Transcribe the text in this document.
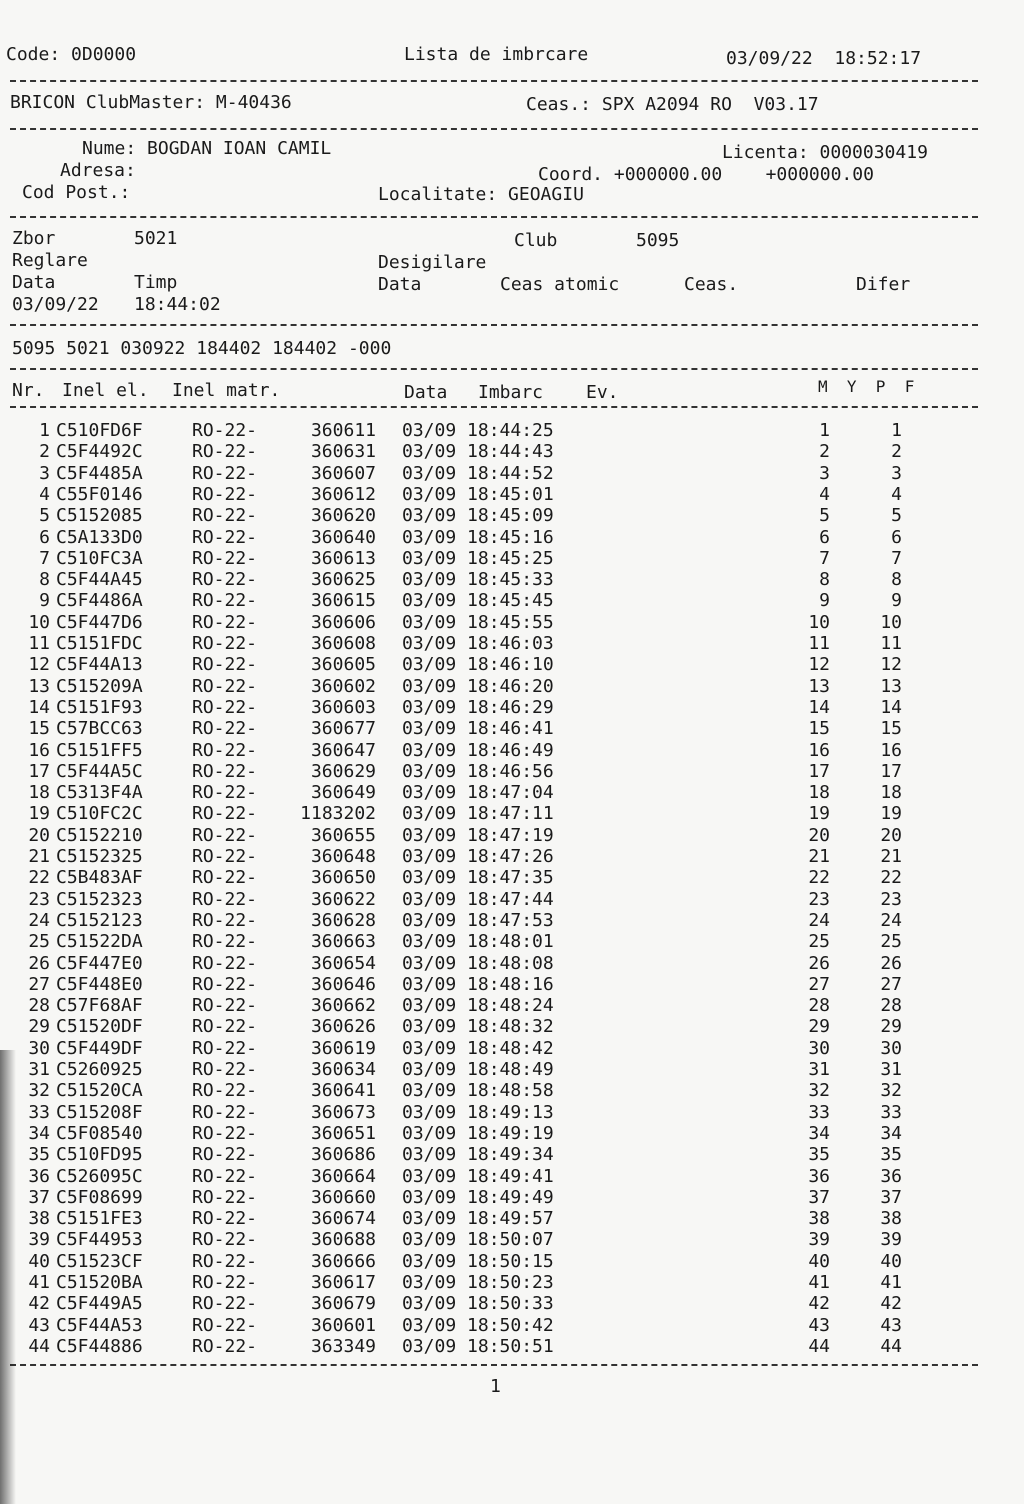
Code: 0D0000	Lista de imbrcare	03/09/22  18:52:17
BRICON ClubMaster: M-40436	Ceas.: SPX A2094 RO  V03.17
Nume: BOGDAN IOAN CAMIL
Adresa:
Cod Post.:
Licenta: 0000030419
Coord. +000000.00    +000000.00
Localitate: GEOAGIU
Zbor	5021	Club	5095
Reglare	Desigilare
Data	Timp	Data	Ceas atomic	Ceas.	Difer
03/09/22 18:44:02
5095 5021 030922 184402 184402 -000
Nr. Inel el. Inel matr.	Data Imbarc Ev.	M  Y  P  F
1 C510FD6F	RO-22-	360611 03/09 18:44:25	1	1
2 C5F4492C	RO-22-	360631 03/09 18:44:43	2	2
3 C5F4485A	RO-22-	360607 03/09 18:44:52	3	3
4 C55F0146	RO-22-	360612 03/09 18:45:01	4	4
5 C5152085	RO-22-	360620 03/09 18:45:09	5	5
6 C5A133D0	RO-22-	360640 03/09 18:45:16	6	6
7 C510FC3A	RO-22-	360613 03/09 18:45:25	7	7
8 C5F44A45	RO-22-	360625 03/09 18:45:33	8	8
9 C5F4486A	RO-22-	360615 03/09 18:45:45	9	9
10 C5F447D6	RO-22-	360606 03/09 18:45:55	10	10
11 C5151FDC	RO-22-	360608 03/09 18:46:03	11	11
12 C5F44A13	RO-22-	360605 03/09 18:46:10	12	12
13 C515209A	RO-22-	360602 03/09 18:46:20	13	13
14 C5151F93	RO-22-	360603 03/09 18:46:29	14	14
15 C57BCC63	RO-22-	360677 03/09 18:46:41	15	15
16 C5151FF5	RO-22-	360647 03/09 18:46:49	16	16
17 C5F44A5C	RO-22-	360629 03/09 18:46:56	17	17
18 C5313F4A	RO-22-	360649 03/09 18:47:04	18	18
19 C510FC2C	RO-22-	1183202 03/09 18:47:11	19	19
20 C5152210	RO-22-	360655 03/09 18:47:19	20	20
21 C5152325	RO-22-	360648 03/09 18:47:26	21	21
22 C5B483AF	RO-22-	360650 03/09 18:47:35	22	22
23 C5152323	RO-22-	360622 03/09 18:47:44	23	23
24 C5152123	RO-22-	360628 03/09 18:47:53	24	24
25 C51522DA	RO-22-	360663 03/09 18:48:01	25	25
26 C5F447E0	RO-22-	360654 03/09 18:48:08	26	26
27 C5F448E0	RO-22-	360646 03/09 18:48:16	27	27
28 C57F68AF	RO-22-	360662 03/09 18:48:24	28	28
29 C51520DF	RO-22-	360626 03/09 18:48:32	29	29
30 C5F449DF	RO-22-	360619 03/09 18:48:42	30	30
31 C5260925	RO-22-	360634 03/09 18:48:49	31	31
32 C51520CA	RO-22-	360641 03/09 18:48:58	32	32
33 C515208F	RO-22-	360673 03/09 18:49:13	33	33
34 C5F08540	RO-22-	360651 03/09 18:49:19	34	34
35 C510FD95	RO-22-	360686 03/09 18:49:34	35	35
36 C526095C	RO-22-	360664 03/09 18:49:41	36	36
37 C5F08699	RO-22-	360660 03/09 18:49:49	37	37
38 C5151FE3	RO-22-	360674 03/09 18:49:57	38	38
39 C5F44953	RO-22-	360688 03/09 18:50:07	39	39
40 C51523CF	RO-22-	360666 03/09 18:50:15	40	40
41 C51520BA	RO-22-	360617 03/09 18:50:23	41	41
42 C5F449A5	RO-22-	360679 03/09 18:50:33	42	42
43 C5F44A53	RO-22-	360601 03/09 18:50:42	43	43
44 C5F44886	RO-22-	363349 03/09 18:50:51	44	44
1
